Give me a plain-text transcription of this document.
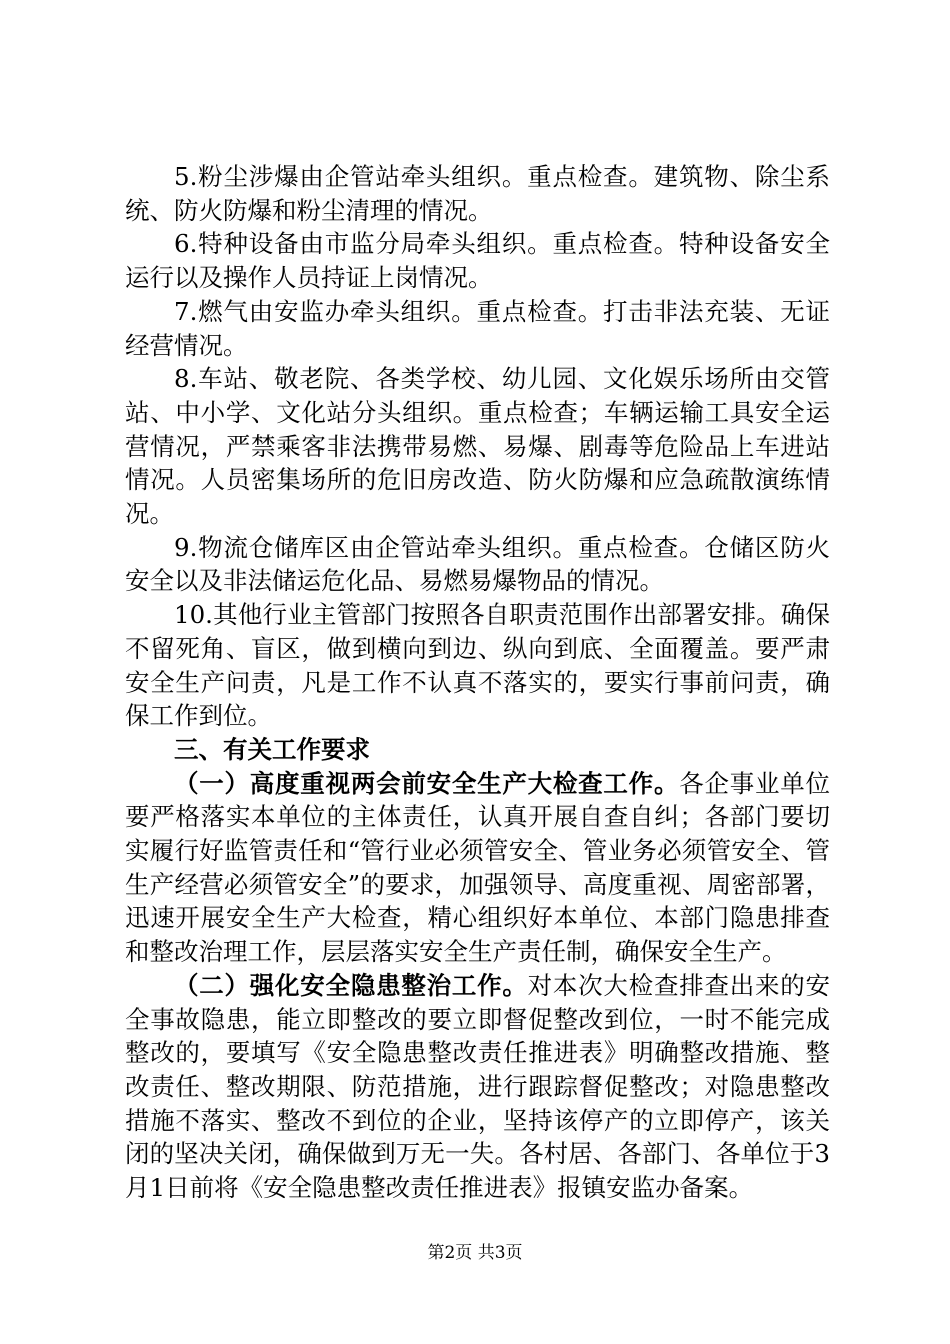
5.粉尘涉爆由企管站牵头组织。重点检查。建筑物、除尘系统、防火防爆和粉尘清理的情况。

6.特种设备由市监分局牵头组织。重点检查。特种设备安全运行以及操作人员持证上岗情况。

7.燃气由安监办牵头组织。重点检查。打击非法充装、无证经营情况。

8.车站、敬老院、各类学校、幼儿园、文化娱乐场所由交管站、中小学、文化站分头组织。重点检查；车辆运输工具安全运营情况，严禁乘客非法携带易燃、易爆、剧毒等危险品上车进站情况。人员密集场所的危旧房改造、防火防爆和应急疏散演练情况。

9.物流仓储库区由企管站牵头组织。重点检查。仓储区防火安全以及非法储运危化品、易燃易爆物品的情况。

10.其他行业主管部门按照各自职责范围作出部署安排。确保不留死角、盲区，做到横向到边、纵向到底、全面覆盖。要严肃安全生产问责，凡是工作不认真不落实的，要实行事前问责，确保工作到位。

三、有关工作要求

（一）高度重视两会前安全生产大检查工作。各企事业单位要严格落实本单位的主体责任，认真开展自查自纠；各部门要切实履行好监管责任和“管行业必须管安全、管业务必须管安全、管生产经营必须管安全”的要求，加强领导、高度重视、周密部署，迅速开展安全生产大检查，精心组织好本单位、本部门隐患排查和整改治理工作，层层落实安全生产责任制，确保安全生产。

（二）强化安全隐患整治工作。对本次大检查排查出来的安全事故隐患，能立即整改的要立即督促整改到位，一时不能完成整改的，要填写《安全隐患整改责任推进表》明确整改措施、整改责任、整改期限、防范措施，进行跟踪督促整改；对隐患整改措施不落实、整改不到位的企业，坚持该停产的立即停产，该关闭的坚决关闭，确保做到万无一失。各村居、各部门、各单位于3月1日前将《安全隐患整改责任推进表》报镇安监办备案。

第2页 共3页
